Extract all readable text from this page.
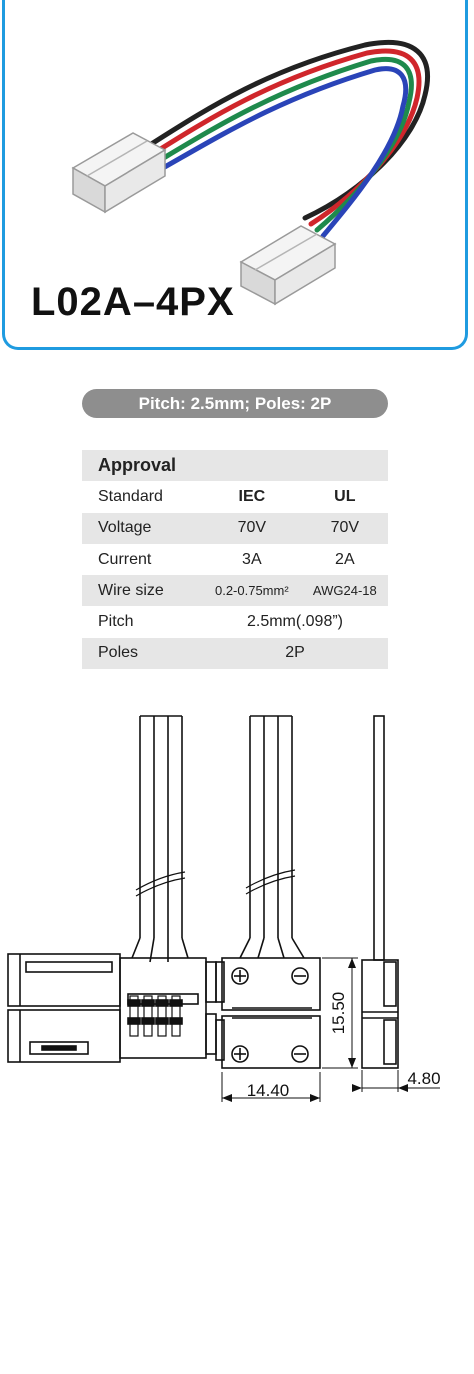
L02A–4PX
Pitch: 2.5mm; Poles: 2P
Approval		
Standard	IEC	UL
Voltage	70V	70V
Current	3A	2A
Wire size	0.2-0.75mm²	AWG24-18
Pitch	2.5mm(.098”)	
Poles	2P	
15.50
14.40
4.80
